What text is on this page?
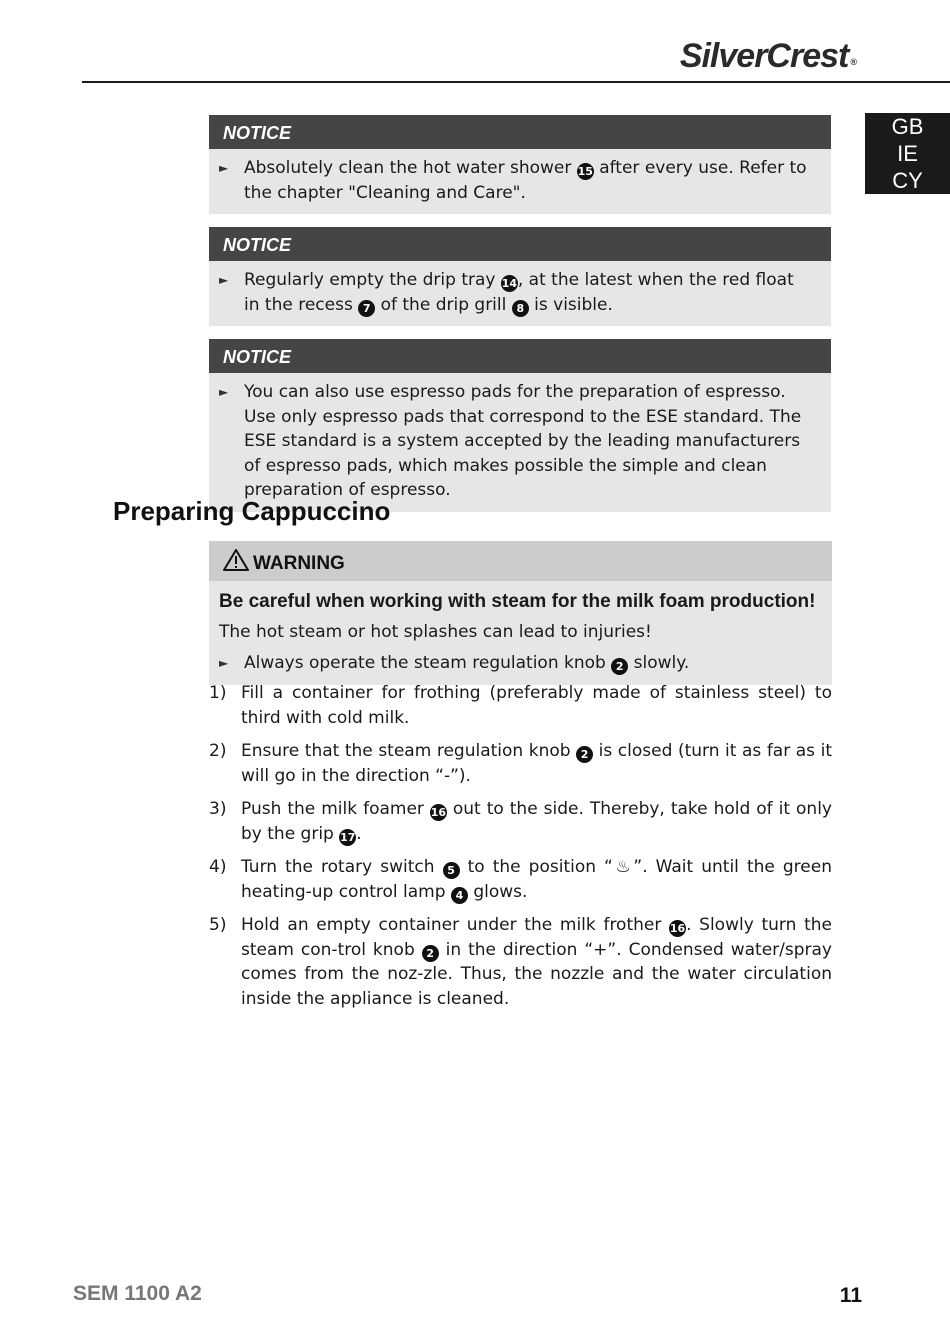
SilverCrest ®
GB
IE
CY
NOTICE
► Absolutely clean the hot water shower 15 after every use. Refer to the chapter "Cleaning and Care".
NOTICE
► Regularly empty the drip tray 14, at the latest when the red float in the recess 7 of the drip grill 8 is visible.
NOTICE
► You can also use espresso pads for the preparation of espresso. Use only espresso pads that correspond to the ESE standard. The ESE standard is a system accepted by the leading manufacturers of espresso pads, which makes possible the simple and clean preparation of espresso.
Preparing Cappuccino
WARNING
Be careful when working with steam for the milk foam production!
The hot steam or hot splashes can lead to injuries!
► Always operate the steam regulation knob 2 slowly.
1) Fill a container for frothing (preferably made of stainless steel) to third with cold milk.
2) Ensure that the steam regulation knob 2 is closed (turn it as far as it will go in the direction “-”).
3) Push the milk foamer 16 out to the side. Thereby, take hold of it only by the grip 17.
4) Turn the rotary switch 5 to the position “♨”. Wait until the green heating-up control lamp 4 glows.
5) Hold an empty container under the milk frother 16. Slowly turn the steam con-trol knob 2 in the direction “+”. Condensed water/spray comes from the noz-zle. Thus, the nozzle and the water circulation inside the appliance is cleaned.
SEM 1100 A2	11
